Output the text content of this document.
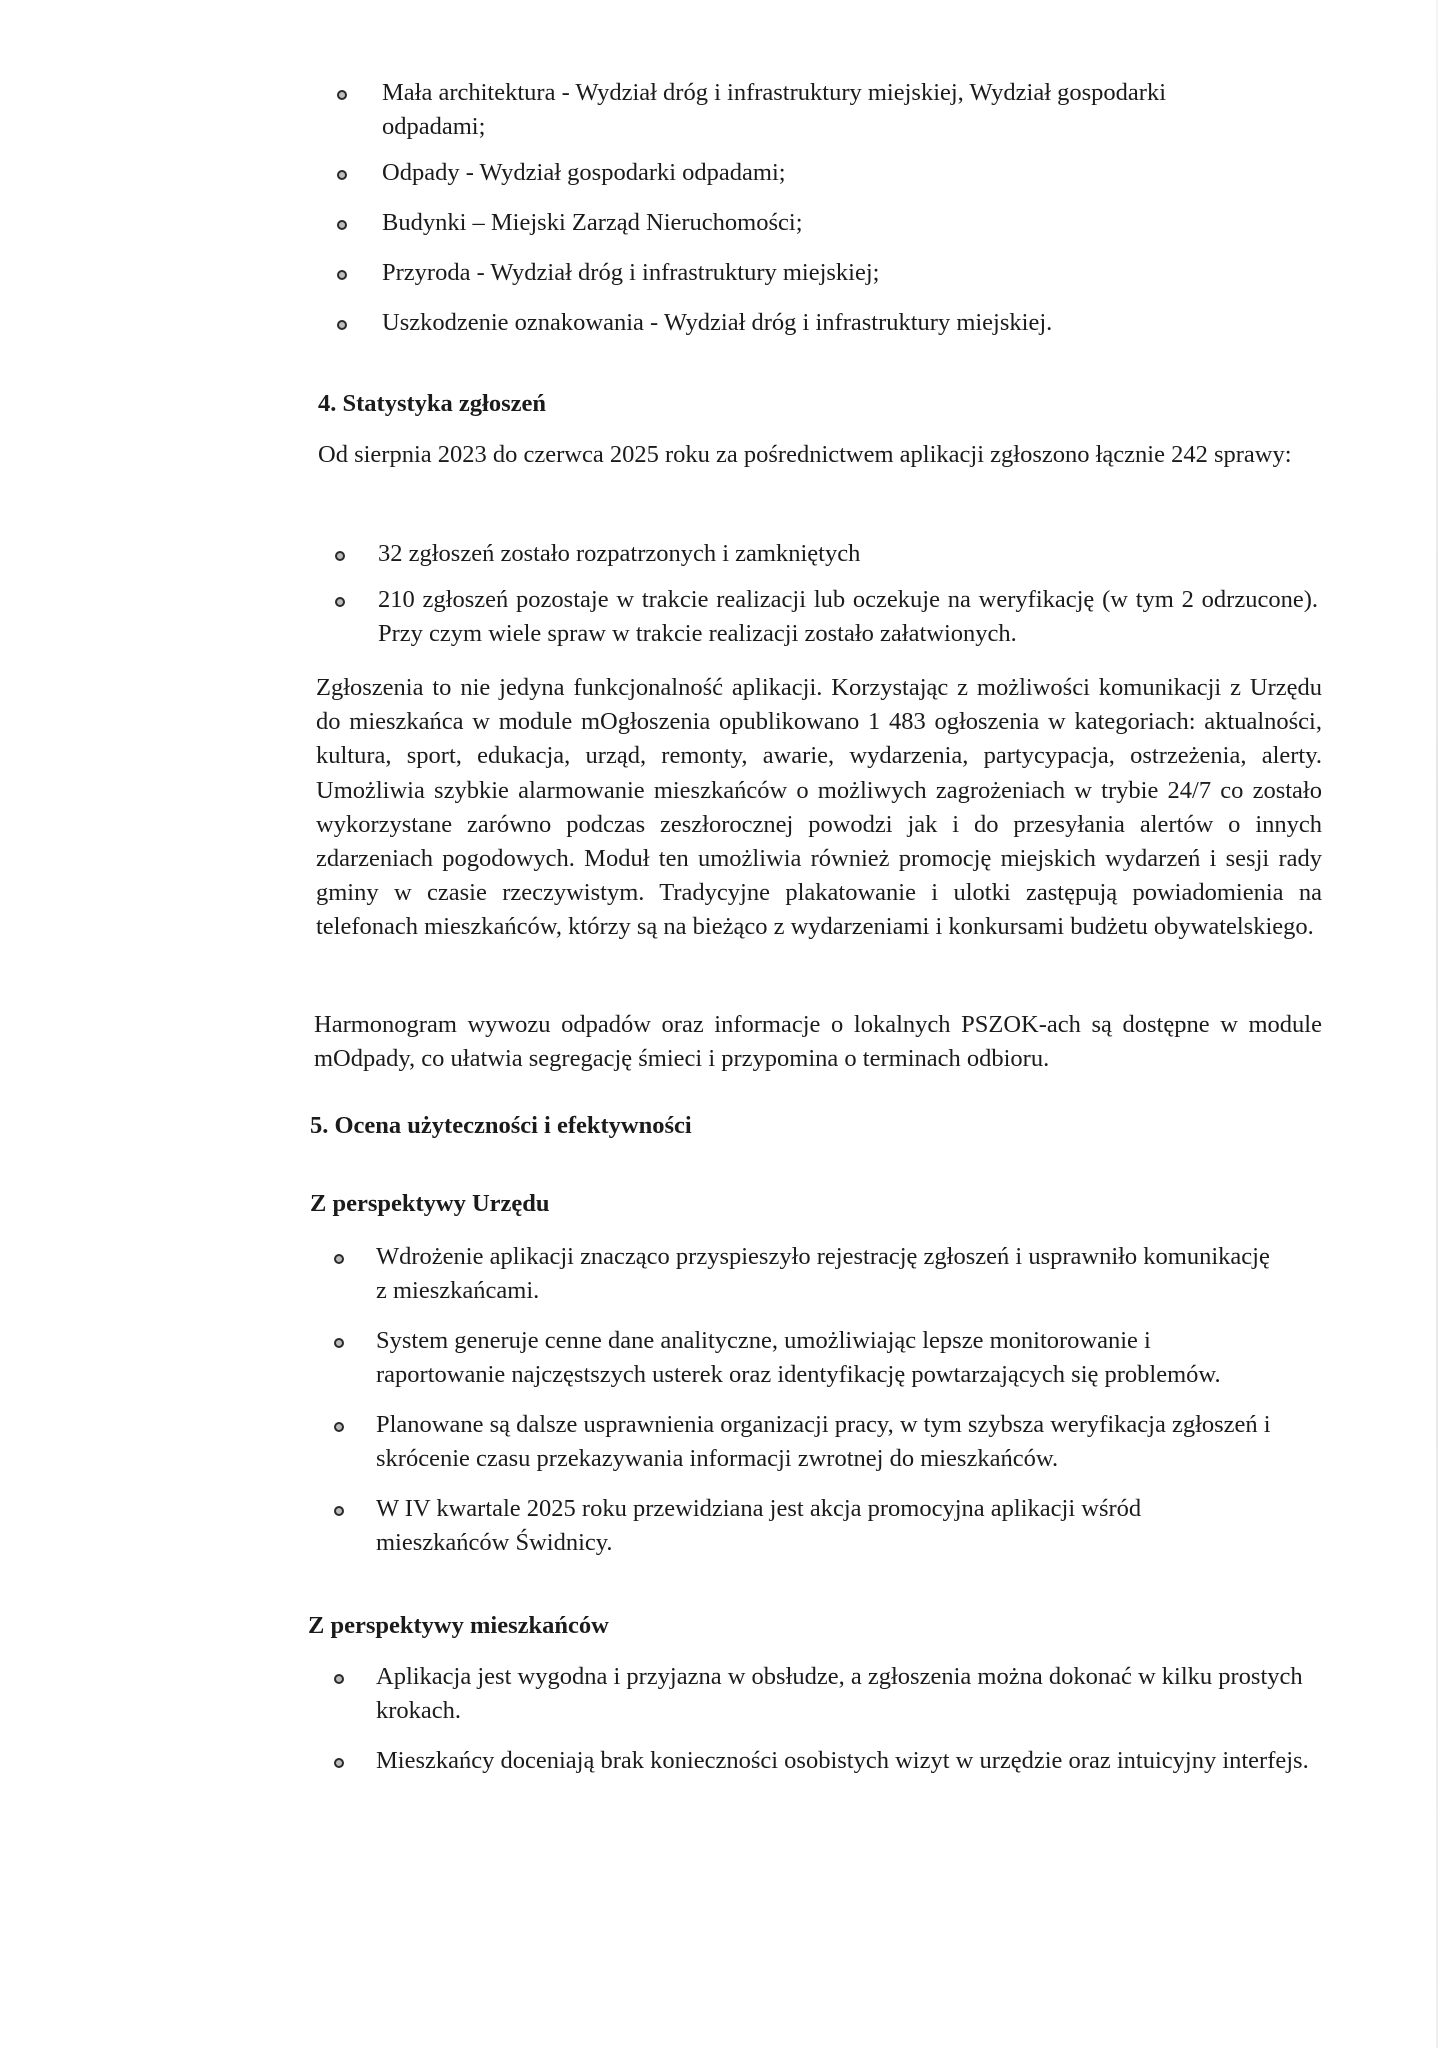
Mała architektura - Wydział dróg i infrastruktury miejskiej, Wydział gospodarki odpadami;
Odpady - Wydział gospodarki odpadami;
Budynki – Miejski Zarząd Nieruchomości;
Przyroda - Wydział dróg i infrastruktury miejskiej;
Uszkodzenie oznakowania - Wydział dróg i infrastruktury miejskiej.
4. Statystyka zgłoszeń

Od sierpnia 2023 do czerwca 2025 roku za pośrednictwem aplikacji zgłoszono łącznie 242 sprawy:

32 zgłoszeń zostało rozpatrzonych i zamkniętych
210 zgłoszeń pozostaje w trakcie realizacji lub oczekuje na weryfikację (w tym 2 odrzucone). Przy czym wiele spraw w trakcie realizacji zostało załatwionych.

Zgłoszenia to nie jedyna funkcjonalność aplikacji. Korzystając z możliwości komunikacji z Urzędu do mieszkańca w module mOgłoszenia opublikowano 1 483 ogłoszenia w kategoriach: aktualności, kultura, sport, edukacja, urząd, remonty, awarie, wydarzenia, partycypacja, ostrzeżenia, alerty. Umożliwia szybkie alarmowanie mieszkańców o możliwych zagrożeniach w trybie 24/7 co zostało wykorzystane zarówno podczas zeszłorocznej powodzi jak i do przesyłania alertów o innych zdarzeniach pogodowych. Moduł ten umożliwia również promocję miejskich wydarzeń i sesji rady gminy w czasie rzeczywistym. Tradycyjne plakatowanie i ulotki zastępują powiadomienia na telefonach mieszkańców, którzy są na bieżąco z wydarzeniami i konkursami budżetu obywatelskiego.

Harmonogram wywozu odpadów oraz informacje o lokalnych PSZOK-ach są dostępne w module mOdpady, co ułatwia segregację śmieci i przypomina o terminach odbioru.

5. Ocena użyteczności i efektywności
Z perspektywy Urzędu
Wdrożenie aplikacji znacząco przyspieszyło rejestrację zgłoszeń i usprawniło komunikację z mieszkańcami.
System generuje cenne dane analityczne, umożliwiając lepsze monitorowanie i raportowanie najczęstszych usterek oraz identyfikację powtarzających się problemów.
Planowane są dalsze usprawnienia organizacji pracy, w tym szybsza weryfikacja zgłoszeń i skrócenie czasu przekazywania informacji zwrotnej do mieszkańców.
W IV kwartale 2025 roku przewidziana jest akcja promocyjna aplikacji wśród mieszkańców Świdnicy.
Z perspektywy mieszkańców
Aplikacja jest wygodna i przyjazna w obsłudze, a zgłoszenia można dokonać w kilku prostych krokach.
Mieszkańcy doceniają brak konieczności osobistych wizyt w urzędzie oraz intuicyjny interfejs.
